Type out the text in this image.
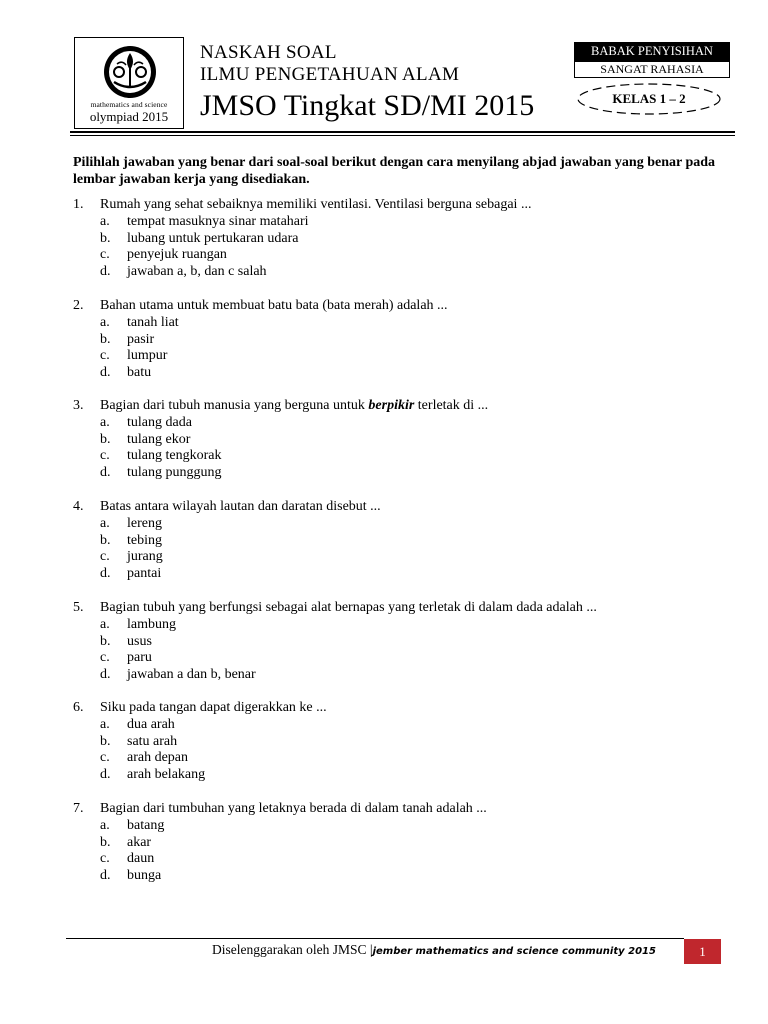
mathematics and science
olympiad 2015
NASKAH SOAL
ILMU PENGETAHUAN ALAM
JMSO Tingkat SD/MI 2015
BABAK PENYISIHAN
SANGAT RAHASIA
KELAS 1 – 2
Pilihlah jawaban yang benar dari soal-soal berikut dengan cara menyilang abjad jawaban yang benar pada lembar jawaban kerja yang disediakan.
1. Rumah yang sehat sebaiknya memiliki ventilasi. Ventilasi berguna sebagai ...
a. tempat masuknya sinar matahari
b. lubang untuk pertukaran udara
c. penyejuk ruangan
d. jawaban a, b, dan c salah
2. Bahan utama untuk membuat batu bata (bata merah) adalah ...
a. tanah liat
b. pasir
c. lumpur
d. batu
3. Bagian dari tubuh manusia yang berguna untuk berpikir terletak di ...
a. tulang dada
b. tulang ekor
c. tulang tengkorak
d. tulang punggung
4. Batas antara wilayah lautan dan daratan disebut ...
a. lereng
b. tebing
c. jurang
d. pantai
5. Bagian tubuh yang berfungsi sebagai alat bernapas yang terletak di dalam dada adalah ...
a. lambung
b. usus
c. paru
d. jawaban a dan b, benar
6. Siku pada tangan dapat digerakkan ke ...
a. dua arah
b. satu arah
c. arah depan
d. arah belakang
7. Bagian dari tumbuhan yang letaknya berada di dalam tanah adalah ...
a. batang
b. akar
c. daun
d. bunga
Diselenggarakan oleh JMSC |jember mathematics and science community 2015	1
